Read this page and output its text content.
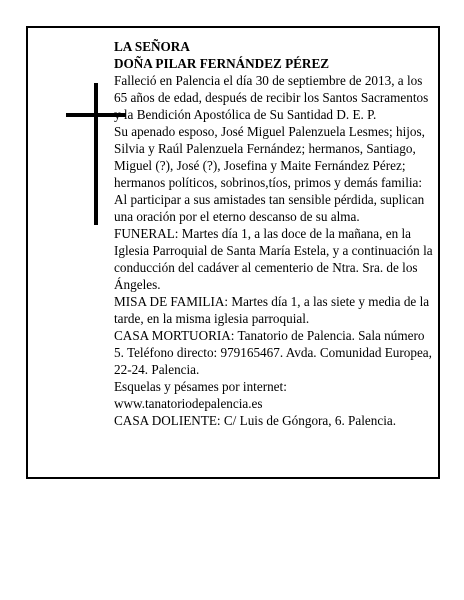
LA SEÑORA
DOÑA PILAR FERNÁNDEZ PÉREZ
Falleció en Palencia el día 30 de septiembre de 2013, a los 65 años de edad, después de recibir los Santos Sacramentos y la Bendición Apostólica de Su Santidad D. E. P.
Su apenado esposo, José Miguel Palenzuela Lesmes; hijos, Silvia y Raúl Palenzuela Fernández; hermanos, Santiago, Miguel (?), José (?), Josefina y Maite Fernández Pérez; hermanos políticos, sobrinos,tíos, primos y demás familia:
Al participar a sus amistades tan sensible pérdida, suplican una oración por el eterno descanso de su alma.
FUNERAL: Martes día 1, a las doce de la mañana, en la Iglesia Parroquial de Santa María Estela, y a continuación la conducción del cadáver al cementerio de Ntra. Sra. de los Ángeles.
MISA DE FAMILIA: Martes día 1, a las siete y media de la tarde, en la misma iglesia parroquial.
CASA MORTUORIA: Tanatorio de Palencia. Sala número 5. Teléfono directo: 979165467. Avda. Comunidad Europea, 22-24. Palencia.
Esquelas y pésames por internet: www.tanatoriodepalencia.es
CASA DOLIENTE: C/ Luis de Góngora, 6. Palencia.
